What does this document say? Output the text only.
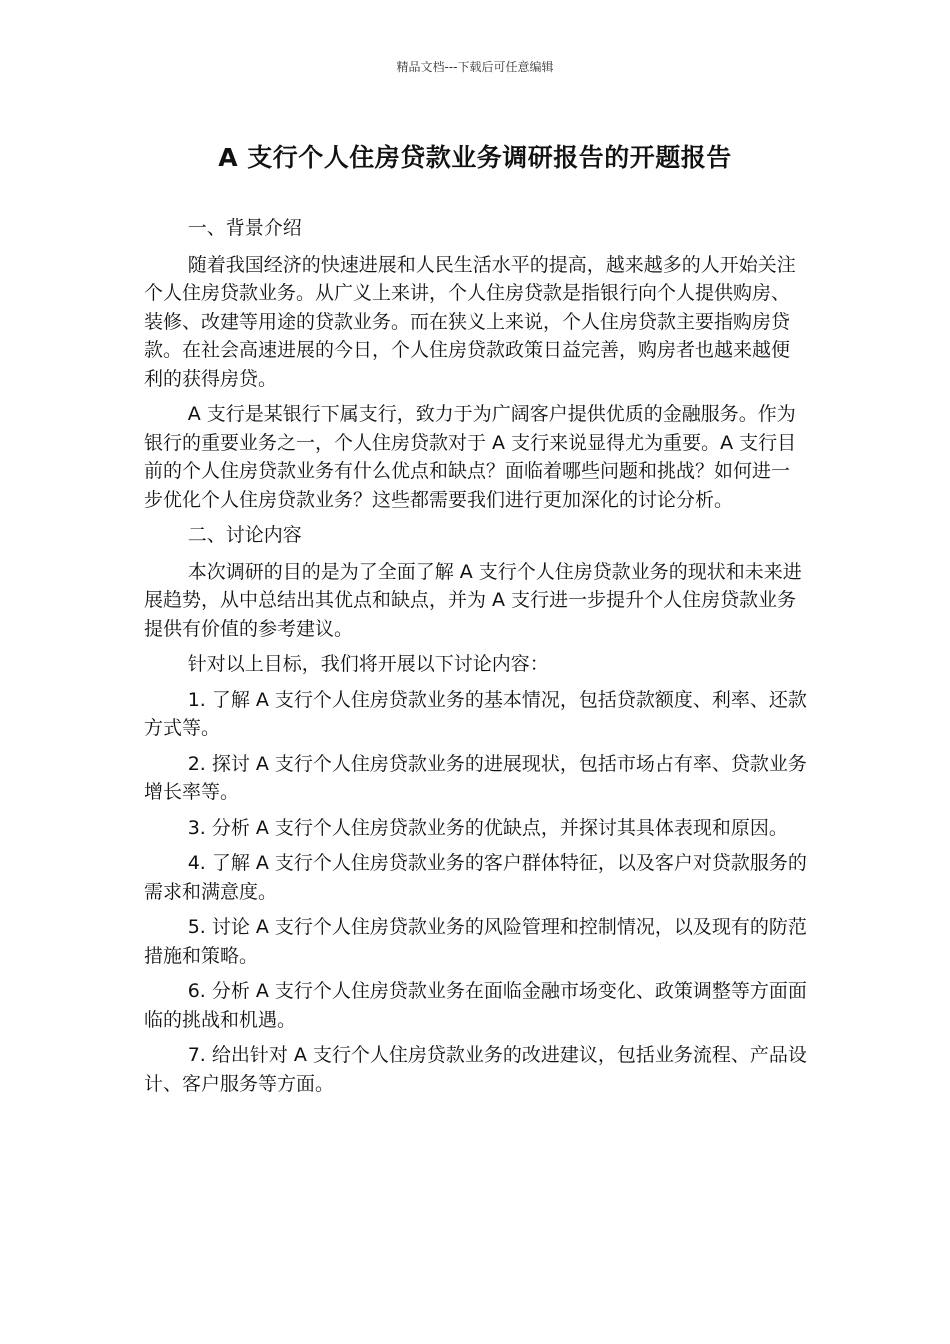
精品文档---下载后可任意编辑
A 支行个人住房贷款业务调研报告的开题报告

一、背景介绍

随着我国经济的快速进展和人民生活水平的提高，越来越多的人开始关注个人住房贷款业务。从广义上来讲，个人住房贷款是指银行向个人提供购房、装修、改建等用途的贷款业务。而在狭义上来说，个人住房贷款主要指购房贷款。在社会高速进展的今日，个人住房贷款政策日益完善，购房者也越来越便利的获得房贷。

A 支行是某银行下属支行，致力于为广阔客户提供优质的金融服务。作为银行的重要业务之一，个人住房贷款对于 A 支行来说显得尤为重要。A 支行目前的个人住房贷款业务有什么优点和缺点？面临着哪些问题和挑战？如何进一步优化个人住房贷款业务？这些都需要我们进行更加深化的讨论分析。

二、讨论内容

本次调研的目的是为了全面了解 A 支行个人住房贷款业务的现状和未来进展趋势，从中总结出其优点和缺点，并为 A 支行进一步提升个人住房贷款业务提供有价值的参考建议。

针对以上目标，我们将开展以下讨论内容：

1. 了解 A 支行个人住房贷款业务的基本情况，包括贷款额度、利率、还款方式等。

2. 探讨 A 支行个人住房贷款业务的进展现状，包括市场占有率、贷款业务增长率等。

3. 分析 A 支行个人住房贷款业务的优缺点，并探讨其具体表现和原因。

4. 了解 A 支行个人住房贷款业务的客户群体特征，以及客户对贷款服务的需求和满意度。

5. 讨论 A 支行个人住房贷款业务的风险管理和控制情况，以及现有的防范措施和策略。

6. 分析 A 支行个人住房贷款业务在面临金融市场变化、政策调整等方面面临的挑战和机遇。

7. 给出针对 A 支行个人住房贷款业务的改进建议，包括业务流程、产品设计、客户服务等方面。
